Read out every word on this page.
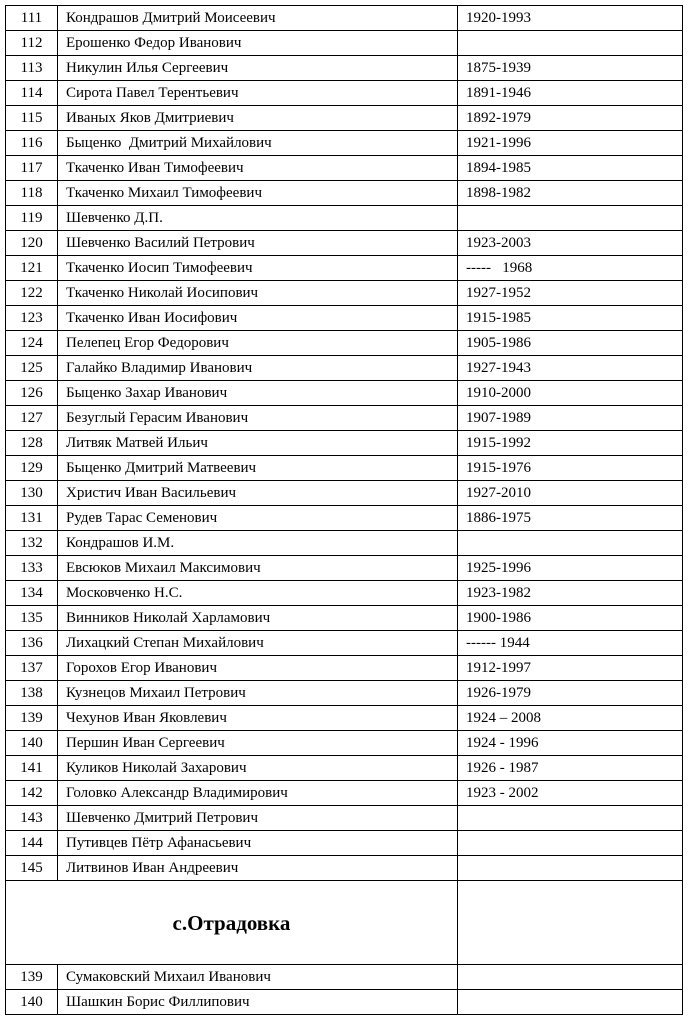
111	Кондрашов Дмитрий Моисеевич	1920-1993
112	Ерошенко Федор Иванович	
113	Никулин Илья Сергеевич	1875-1939
114	Сирота Павел Терентьевич	1891-1946
115	Иваных Яков Дмитриевич	1892-1979
116	Быценко  Дмитрий Михайлович	1921-1996
117	Ткаченко Иван Тимофеевич	1894-1985
118	Ткаченко Михаил Тимофеевич	1898-1982
119	Шевченко Д.П.	
120	Шевченко Василий Петрович	1923-2003
121	Ткаченко Иосип Тимофеевич	-----   1968
122	Ткаченко Николай Иосипович	1927-1952
123	Ткаченко Иван Иосифович	1915-1985
124	Пелепец Егор Федорович	1905-1986
125	Галайко Владимир Иванович	1927-1943
126	Быценко Захар Иванович	1910-2000
127	Безуглый Герасим Иванович	1907-1989
128	Литвяк Матвей Ильич	1915-1992
129	Быценко Дмитрий Матвеевич	1915-1976
130	Христич Иван Васильевич	1927-2010
131	Рудев Тарас Семенович	1886-1975
132	Кондрашов И.М.	
133	Евсюков Михаил Максимович	1925-1996
134	Московченко Н.С.	1923-1982
135	Винников Николай Харламович	1900-1986
136	Лихацкий Степан Михайлович	------ 1944
137	Горохов Егор Иванович	1912-1997
138	Кузнецов Михаил Петрович	1926-1979
139	Чехунов Иван Яковлевич	1924 – 2008
140	Першин Иван Сергеевич	1924 - 1996
141	Куликов Николай Захарович	1926 - 1987
142	Головко Александр Владимирович	1923 - 2002
143	Шевченко Дмитрий Петрович	
144	Путивцев Пётр Афанасьевич	
145	Литвинов Иван Андреевич	
с.Отрадовка		
139	Сумаковский Михаил Иванович	
140	Шашкин Борис Филлипович	
